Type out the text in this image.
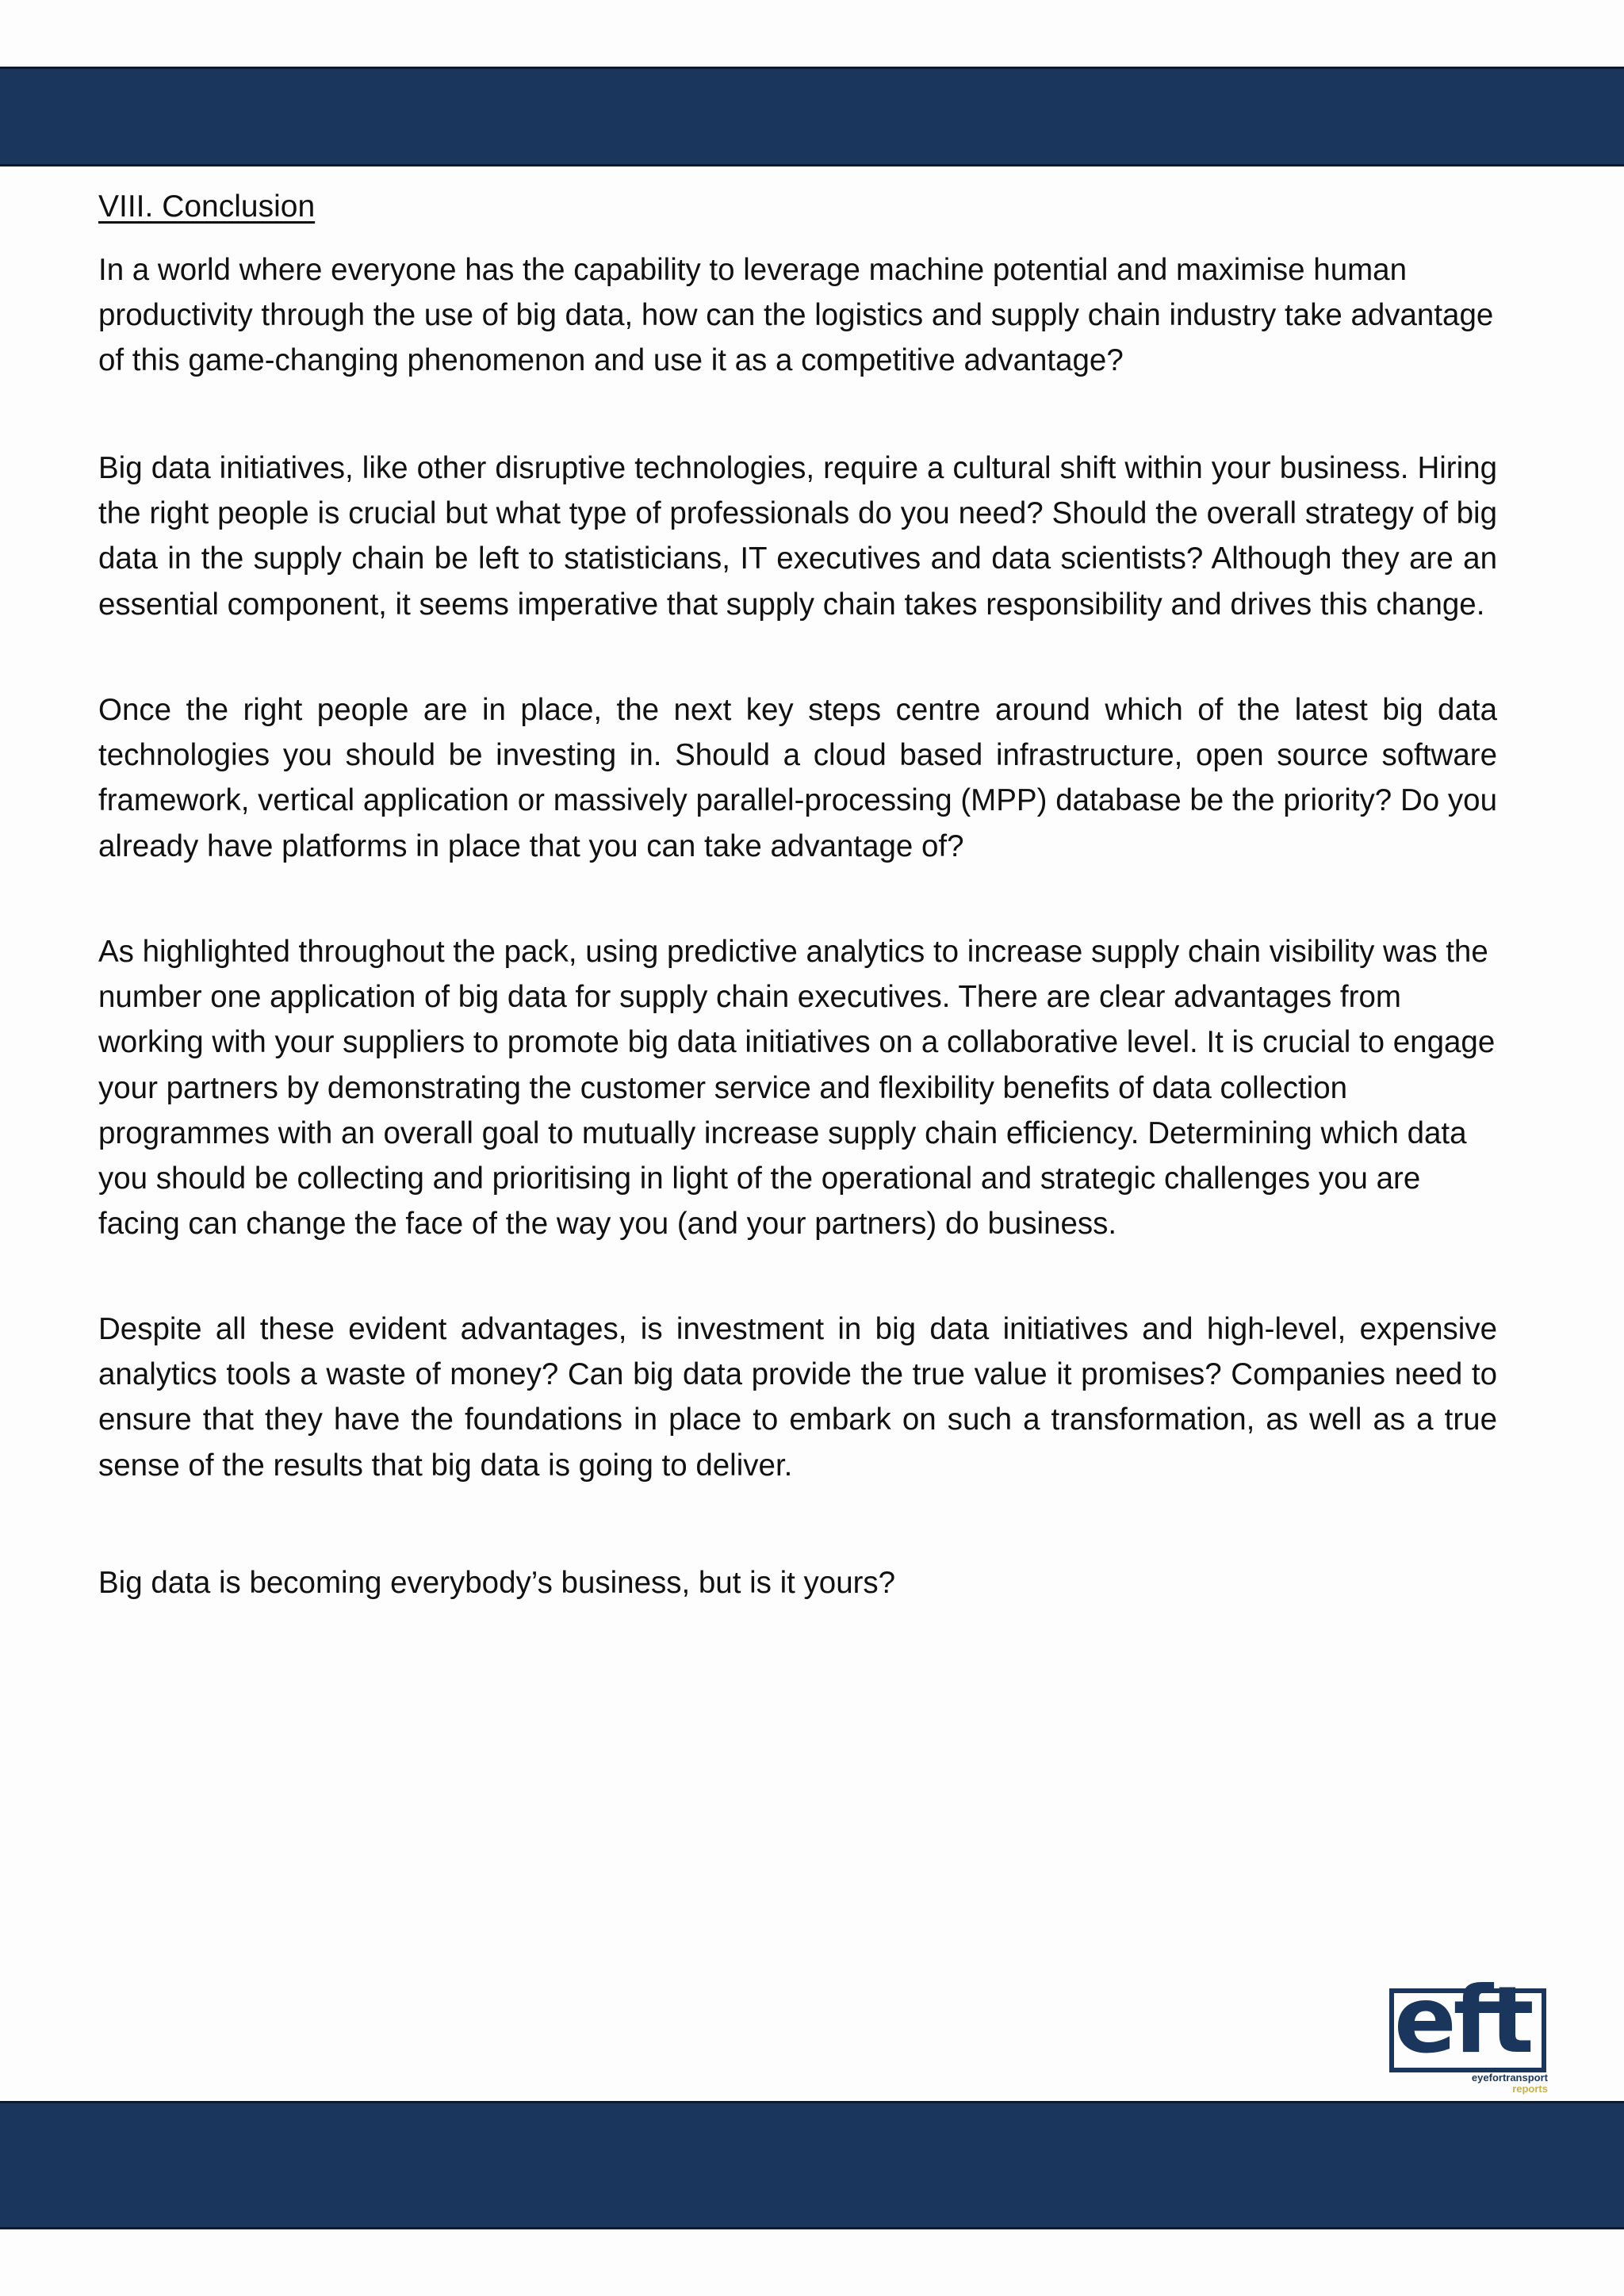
VIII. Conclusion

In a world where everyone has the capability to leverage machine potential and maximise human productivity through the use of big data, how can the logistics and supply chain industry take advantage of this game-changing phenomenon and use it as a competitive advantage?

Big data initiatives, like other disruptive technologies, require a cultural shift within your business. Hiring the right people is crucial but what type of professionals do you need? Should the overall strategy of big data in the supply chain be left to statisticians, IT executives and data scientists? Although they are an essential component, it seems imperative that supply chain takes responsibility and drives this change.

Once the right people are in place, the next key steps centre around which of the latest big data technologies you should be investing in. Should a cloud based infrastructure, open source software framework, vertical application or massively parallel-processing (MPP) database be the priority? Do you already have platforms in place that you can take advantage of?

As highlighted throughout the pack, using predictive analytics to increase supply chain visibility was the number one application of big data for supply chain executives. There are clear advantages from working with your suppliers to promote big data initiatives on a collaborative level. It is crucial to engage your partners by demonstrating the customer service and flexibility benefits of data collection programmes with an overall goal to mutually increase supply chain efficiency. Determining which data you should be collecting and prioritising in light of the operational and strategic challenges you are facing can change the face of the way you (and your partners) do business.

Despite all these evident advantages, is investment in big data initiatives and high-level, expensive analytics tools a waste of money? Can big data provide the true value it promises? Companies need to ensure that they have the foundations in place to embark on such a transformation, as well as a true sense of the results that big data is going to deliver.

Big data is becoming everybody’s business, but is it yours?

eft
eyefortransport
reports
